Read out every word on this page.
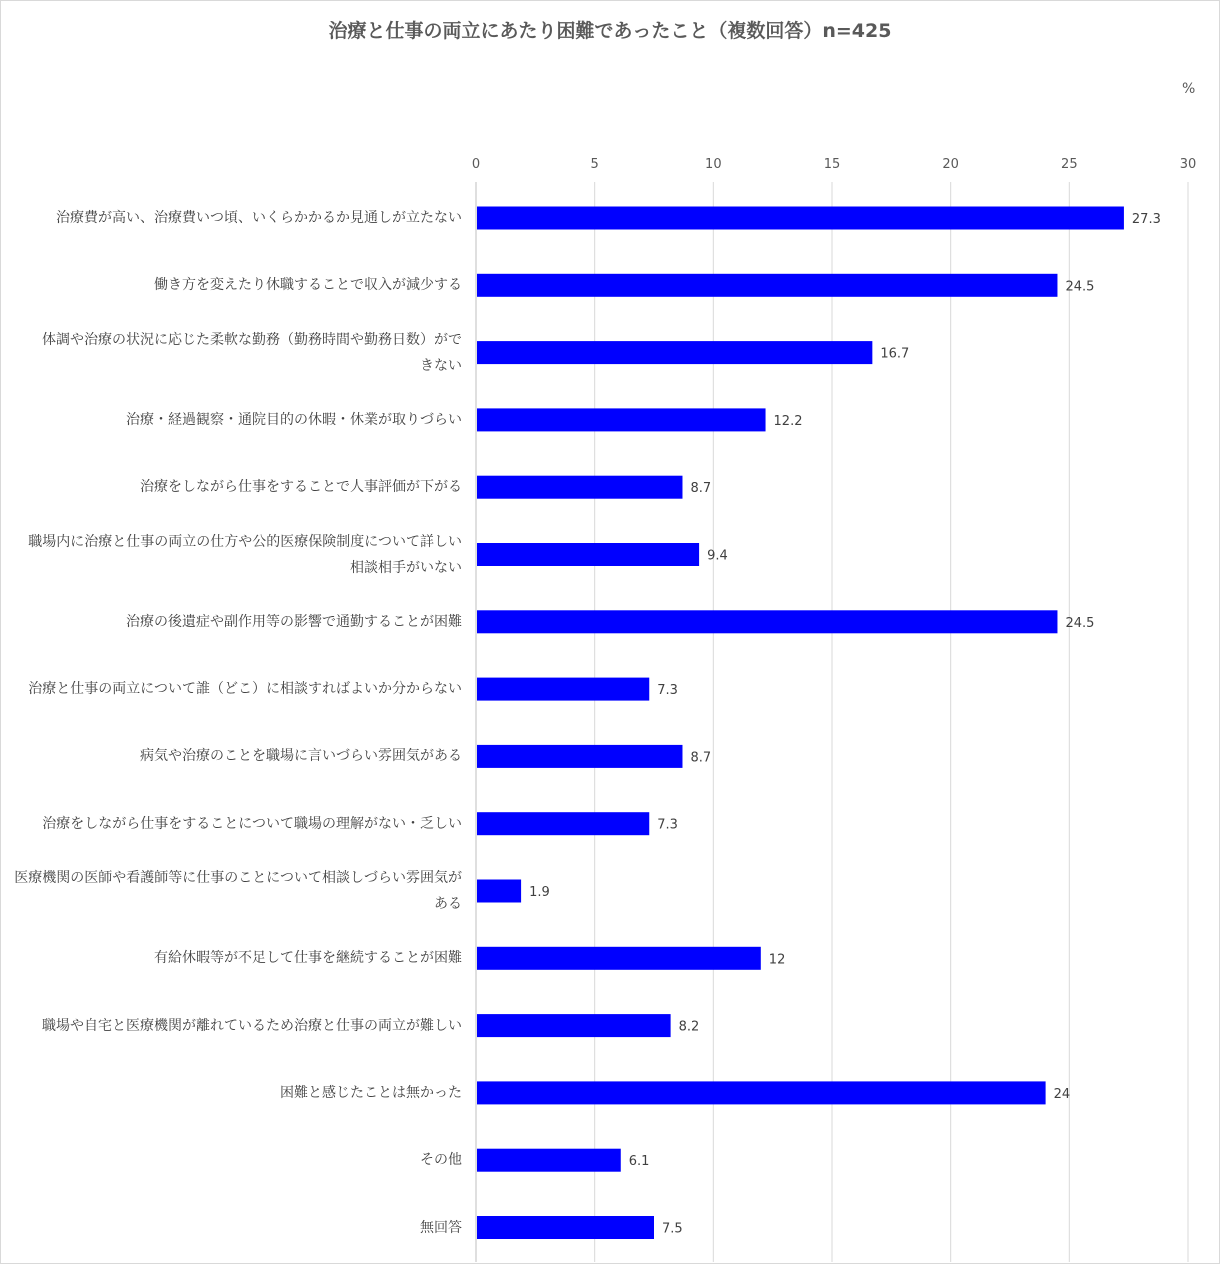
治療と仕事の両立にあたり困難であったこと（複数回答）n=425
%
治療費が高い、治療費いつ頃、いくらかかるか見通しが立たない
働き方を変えたり休職することで収入が減少する
体調や治療の状況に応じた柔軟な勤務（勤務時間や勤務日数）がで
きない
治療・経過観察・通院目的の休暇・休業が取りづらい
治療をしながら仕事をすることで人事評価が下がる
職場内に治療と仕事の両立の仕方や公的医療保険制度について詳しい
相談相手がいない
治療の後遺症や副作用等の影響で通勤することが困難
治療と仕事の両立について誰（どこ）に相談すればよいか分からない
病気や治療のことを職場に言いづらい雰囲気がある
治療をしながら仕事をすることについて職場の理解がない・乏しい
医療機関の医師や看護師等に仕事のことについて相談しづらい雰囲気が
ある
有給休暇等が不足して仕事を継続することが困難
職場や自宅と医療機関が離れているため治療と仕事の両立が難しい
困難と感じたことは無かった
その他
無回答
0	5	10	15	20	25	30
27.3
24.5
16.7
12.2
8.7
9.4
24.5
7.3
8.7
7.3
1.9
12
8.2
24
6.1
7.5
